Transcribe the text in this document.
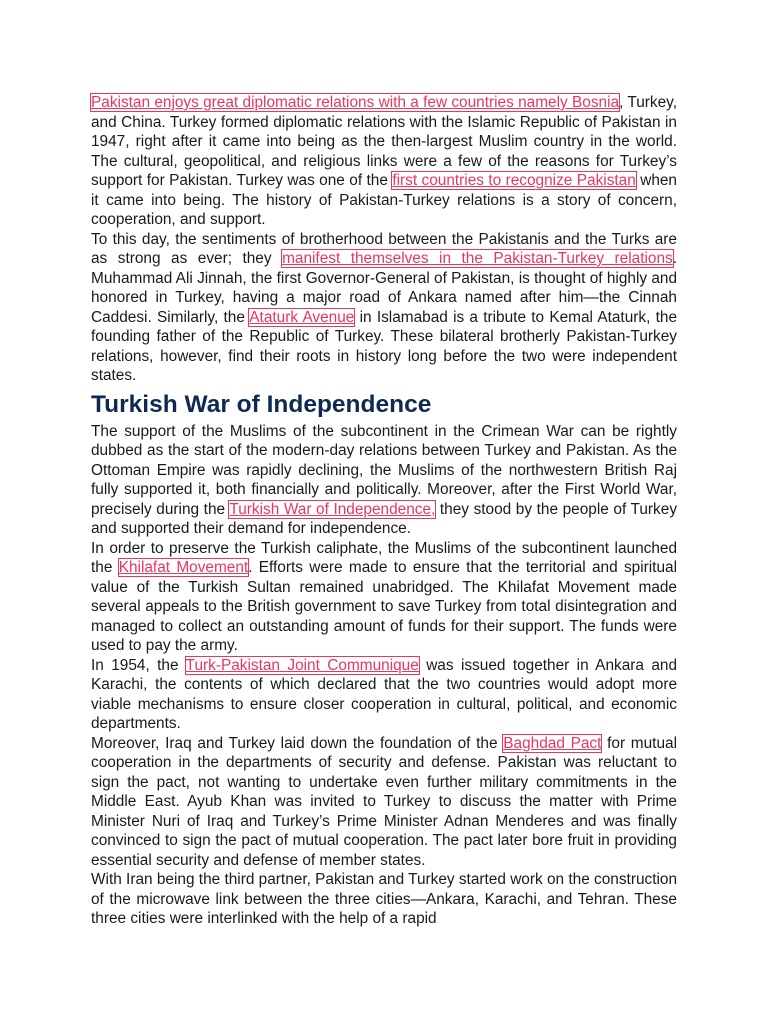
Pakistan enjoys great diplomatic relations with a few countries namely Bosnia, Turkey, and China. Turkey formed diplomatic relations with the Islamic Republic of Pakistan in 1947, right after it came into being as the then-largest Muslim country in the world. The cultural, geopolitical, and religious links were a few of the reasons for Turkey’s support for Pakistan. Turkey was one of the first countries to recognize Pakistan when it came into being. The history of Pakistan-Turkey relations is a story of concern, cooperation, and support.

To this day, the sentiments of brotherhood between the Pakistanis and the Turks are as strong as ever; they manifest themselves in the Pakistan-Turkey relations. Muhammad Ali Jinnah, the first Governor-General of Pakistan, is thought of highly and honored in Turkey, having a major road of Ankara named after him—the Cinnah Caddesi. Similarly, the Ataturk Avenue in Islamabad is a tribute to Kemal Ataturk, the founding father of the Republic of Turkey. These bilateral brotherly Pakistan-Turkey relations, however, find their roots in history long before the two were independent states.

Turkish War of Independence

The support of the Muslims of the subcontinent in the Crimean War can be rightly dubbed as the start of the modern-day relations between Turkey and Pakistan. As the Ottoman Empire was rapidly declining, the Muslims of the northwestern British Raj fully supported it, both financially and politically. Moreover, after the First World War, precisely during the Turkish War of Independence, they stood by the people of Turkey and supported their demand for independence.

In order to preserve the Turkish caliphate, the Muslims of the subcontinent launched the Khilafat Movement. Efforts were made to ensure that the territorial and spiritual value of the Turkish Sultan remained unabridged. The Khilafat Movement made several appeals to the British government to save Turkey from total disintegration and managed to collect an outstanding amount of funds for their support. The funds were used to pay the army.

In 1954, the Turk-Pakistan Joint Communique was issued together in Ankara and Karachi, the contents of which declared that the two countries would adopt more viable mechanisms to ensure closer cooperation in cultural, political, and economic departments.

Moreover, Iraq and Turkey laid down the foundation of the Baghdad Pact for mutual cooperation in the departments of security and defense. Pakistan was reluctant to sign the pact, not wanting to undertake even further military commitments in the Middle East. Ayub Khan was invited to Turkey to discuss the matter with Prime Minister Nuri of Iraq and Turkey’s Prime Minister Adnan Menderes and was finally convinced to sign the pact of mutual cooperation. The pact later bore fruit in providing essential security and defense of member states.

With Iran being the third partner, Pakistan and Turkey started work on the construction of the microwave link between the three cities—Ankara, Karachi, and Tehran. These three cities were interlinked with the help of a rapid
